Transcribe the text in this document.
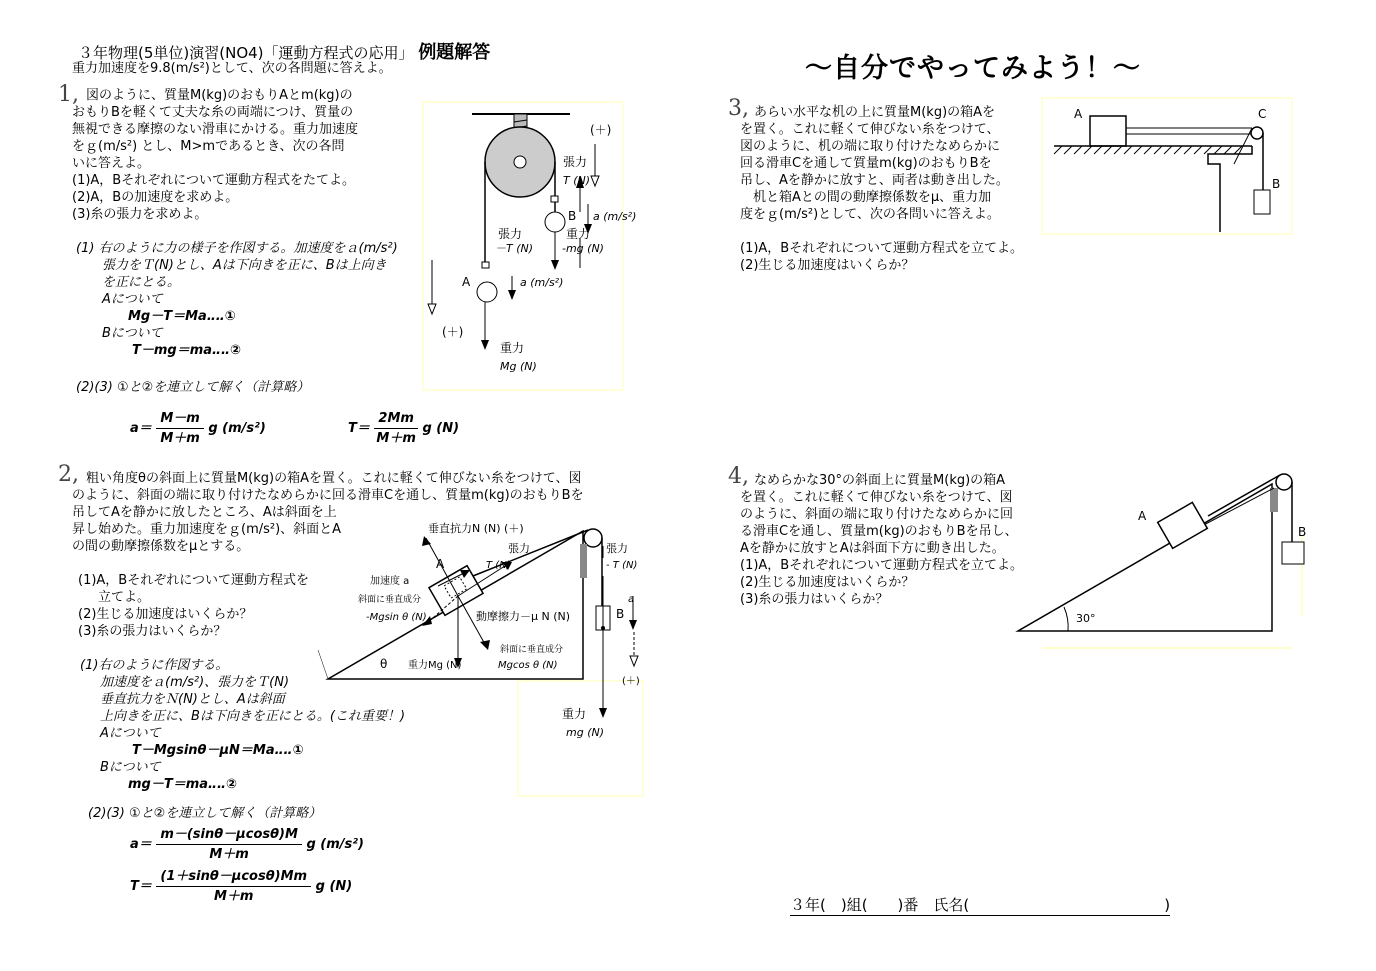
３年物理(5単位)演習(NO4)「運動方程式の応用」 例題解答
重力加速度を9.8(m/s²)として、次の各問題に答えよ。	～自分でやってみよう！～
1, 図のように、質量M(kg)のおもりAとm(kg)の
おもりBを軽くて丈夫な糸の両端につけ、質量の
無視できる摩擦のない滑車にかける。重力加速度
をｇ(m/s²) とし、M>mであるとき、次の各問
いに答えよ。
(1)A，Bそれぞれについて運動方程式をたてよ。
(2)A，Bの加速度を求めよ。
(3)糸の張力を求めよ。
(1) 右のように力の様子を作図する。加速度をａ(m/s²)
張力をＴ(N)とし、Aは下向きを正に、Bは上向き
を正にとる。
Aについて
Mg－T＝Ma‥‥①
Bについて
T－mg＝ma‥‥②
(2)(3) ①と②を連立して解く（計算略）
$a= \frac{M-m}{M+m}$ g (m/s²)	$T= \frac{2Mm}{M+m}$ g (N)
(＋)
張力
T (N)
B a (m/s²)
張力
－T (N)
重力
-mg (N)
A	a (m/s²)
(＋)
重力
Mg (N)
2, 粗い角度θの斜面上に質量M(kg)の箱Aを置く。これに軽くて伸びない糸をつけて、図
のように、斜面の端に取り付けたなめらかに回る滑車Cを通し、質量m(kg)のおもりBを
吊してAを静かに放したところ、Aは斜面を上
昇し始めた。重力加速度をｇ(m/s²)、斜面とA
の間の動摩擦係数をμとする。
(1)A，Bそれぞれについて運動方程式を
立てよ。
(2)生じる加速度はいくらか？
(3)糸の張力はいくらか？
(1)右のように作図する。
加速度をａ(m/s²)、張力をＴ(N)
垂直抗力をＮ(N)とし、Aは斜面
上向きを正に、Bは下向きを正にとる。(これ重要！)
Aについて
T－Mgsinθ－μN＝Ma‥‥①
Bについて
mg－T＝ma‥‥②
(2)(3) ①と②を連立して解く（計算略）
$a= \frac{m-(\sin\theta-\mu\cos\theta)M}{M+m}$ g (m/s²)
$T= \frac{(1+\sin\theta-\mu\cos\theta)Mm}{M+m}$ g (N)
垂直抗力N (N) (＋)
張力
T (N)
A
加速度 a
斜面に垂直成分
-Mgsin θ (N)	動摩擦力－μ N (N)
斜面に垂直成分
Mgcos θ (N)
θ 重力Mg (N)
張力
- T (N)
B
a
(＋)
重力
mg (N)
3, あらい水平な机の上に質量M(kg)の箱Aを
を置く。これに軽くて伸びない糸をつけて、
図のように、机の端に取り付けたなめらかに
回る滑車Cを通して質量m(kg)のおもりBを
吊し、Aを静かに放すと、両者は動き出した。
　机と箱Aとの間の動摩擦係数をμ、重力加
度をｇ(m/s²)として、次の各問いに答えよ。
(1)A，Bそれぞれについて運動方程式を立てよ。
(2)生じる加速度はいくらか？
A	C
B
4, なめらかな30°の斜面上に質量M(kg)の箱A
を置く。これに軽くて伸びない糸をつけて、図
のように、斜面の端に取り付けたなめらかに回
る滑車Cを通し、質量m(kg)のおもりBを吊し、
Aを静かに放すとAは斜面下方に動き出した。
(1)A，Bそれぞれについて運動方程式を立てよ。
(2)生じる加速度はいくらか？
(3)糸の張力はいくらか？
A
B
30°
３年(　)組(　　)番　氏名(　　　　　　　　　　　　　)
